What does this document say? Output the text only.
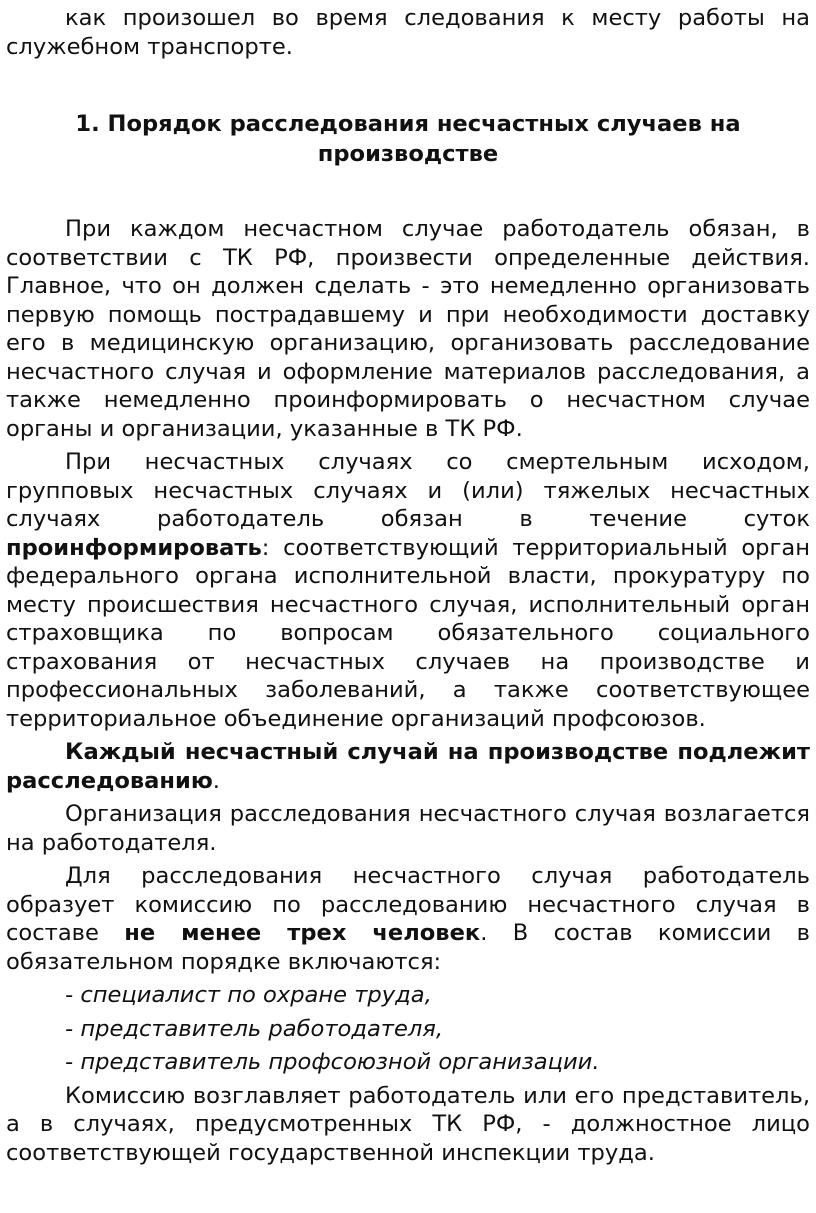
как произошел во время следования к месту работы на служебном транспорте.

1. Порядок расследования несчастных случаев на производстве

При каждом несчастном случае работодатель обязан, в соответствии с ТК РФ, произвести определенные действия. Главное, что он должен сделать - это немедленно организовать первую помощь пострадавшему и при необходимости доставку его в медицинскую организацию, организовать расследование несчастного случая и оформление материалов расследования, а также немедленно проинформировать о несчастном случае органы и организации, указанные в ТК РФ.

При несчастных случаях со смертельным исходом, групповых несчастных случаях и (или) тяжелых несчастных случаях работодатель обязан в течение суток проинформировать: соответствующий территориальный орган федерального органа исполнительной власти, прокуратуру по месту происшествия несчастного случая, исполнительный орган страховщика по вопросам обязательного социального страхования от несчастных случаев на производстве и профессиональных заболеваний, а также соответствующее территориальное объединение организаций профсоюзов.

Каждый несчастный случай на производстве подлежит расследованию.

Организация расследования несчастного случая возлагается на работодателя.

Для расследования несчастного случая работодатель образует комиссию по расследованию несчастного случая в составе не менее трех человек. В состав комиссии в обязательном порядке включаются:

- специалист по охране труда,

- представитель работодателя,

- представитель профсоюзной организации.

Комиссию возглавляет работодатель или его представитель, а в случаях, предусмотренных ТК РФ, - должностное лицо соответствующей государственной инспекции труда.
